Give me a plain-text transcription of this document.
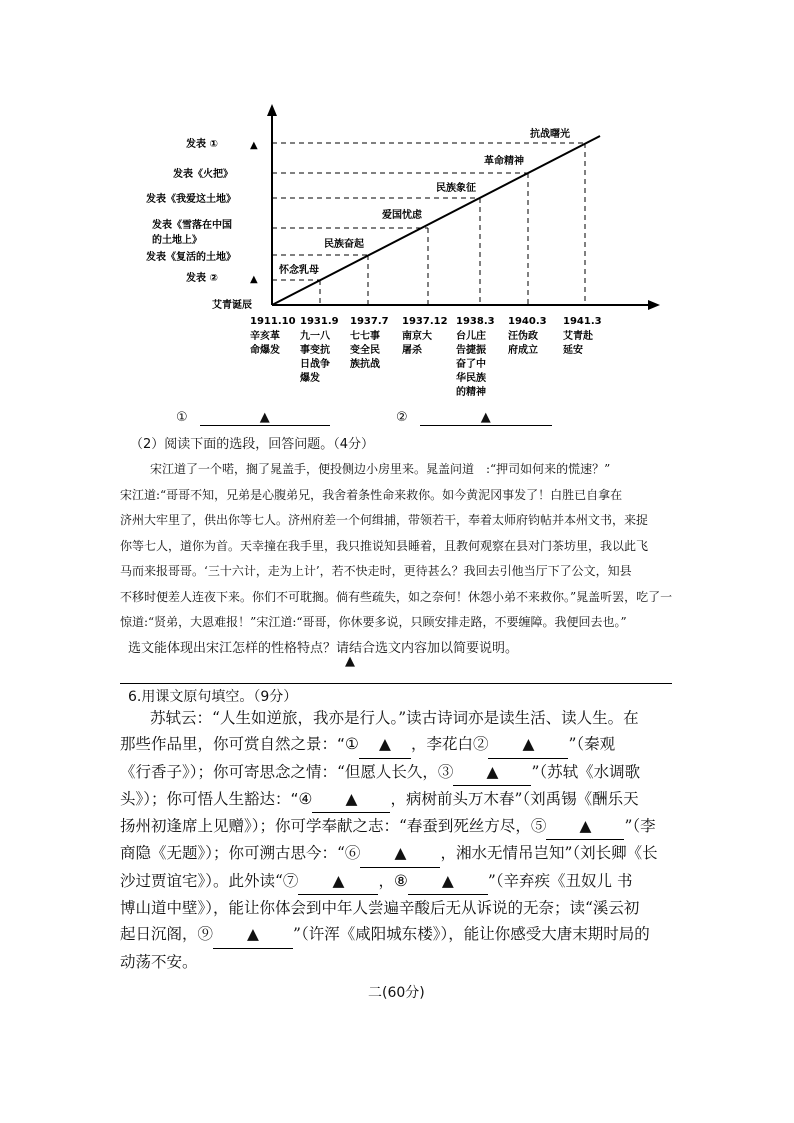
发表 ①	▲
发表《火把》
发表《我爱这土地》
发表《雪落在中国
的土地上》
发表《复活的土地》
发表 ②	▲
艾青诞辰
抗战曙光
革命精神
民族象征
爱国忧虑
民族奋起
怀念乳母
1911.10 1931.9 1937.7 1937.12 1938.3 1940.3 1941.3
辛亥革
命爆发
九一八
事变抗
日战争
爆发
七七事
变全民
族抗战
南京大
屠杀
台儿庄
告捷振
奋了中
华民族
的精神
汪伪政
府成立
艾青赴
延安
①	▲	②	▲
（2）阅读下面的选段，回答问题。（4分）
宋江道了一个喏，搁了晁盖手，便投侧边小房里来。晁盖问道　:“押司如何来的慌速？”
宋江道:“哥哥不知，兄弟是心腹弟兄，我舍着条性命来救你。如今黄泥冈事发了！白胜已自拿在
济州大牢里了，供出你等七人。济州府差一个何缉捕，带领若干，奉着太师府钧帖并本州文书，来捉
你等七人，道你为首。天幸撞在我手里，我只推说知县睡着，且教何观察在县对门茶坊里，我以此飞
马而来报哥哥。‘三十六计，走为上计’，若不快走时，更待甚么？我回去引他当厅下了公文，知县
不移时便差人连夜下来。你们不可耽搁。倘有些疏失，如之奈何！休怨小弟不来救你。”晁盖听罢，吃了一
惊道:“贤弟，大恩难报！”宋江道:“哥哥，你休要多说，只顾安排走路，不要缠障。我便回去也。”
选文能体现出宋江怎样的性格特点？请结合选文内容加以简要说明。
▲
6.用课文原句填空。（9分）
苏轼云：“人生如逆旅，我亦是行人。”读古诗词亦是读生活、读人生。在
那些作品里，你可赏自然之景：“① ▲ ，李花白② ▲ ”（秦观
《行香子》）；你可寄思念之情：“但愿人长久，③ ▲ ”（苏轼《水调歌
头》）；你可悟人生豁达：“④ ▲ ，病树前头万木春”（刘禹锡《酬乐天
扬州初逢席上见赠》）；你可学奉献之志：“春蚕到死丝方尽，⑤ ▲ ”（李
商隐《无题》）；你可溯古思今：“⑥ ▲ ，湘水无情吊岂知”（刘长卿《长
沙过贾谊宅》）。此外读“⑦ ▲ ，⑧ ▲ ”（辛弃疾《丑奴儿 书
博山道中壁》），能让你体会到中年人尝遍辛酸后无从诉说的无奈；读“溪云初
起日沉阁，⑨ ▲ ”（许浑《咸阳城东楼》），能让你感受大唐末期时局的
动荡不安。
二(60分)
